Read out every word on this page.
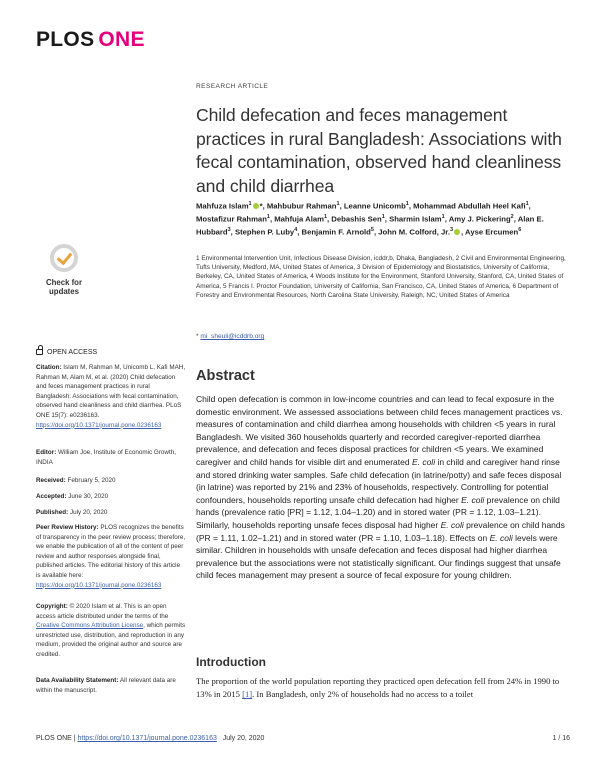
PLOS ONE
Check for
updates
RESEARCH ARTICLE
Child defecation and feces management practices in rural Bangladesh: Associations with fecal contamination, observed hand cleanliness and child diarrhea
Mahfuza Islam$^1$ *, Mahbubur Rahman$^1$, Leanne Unicomb$^1$, Mohammad Abdullah Heel Kafi$^1$, Mostafizur Rahman$^1$, Mahfuja Alam$^1$, Debashis Sen$^1$, Sharmin Islam$^1$, Amy J. Pickering$^2$, Alan E. Hubbard$^3$, Stephen P. Luby$^4$, Benjamin F. Arnold$^5$, John M. Colford, Jr.$^3$ , Ayse Ercumen$^6$
1 Environmental Intervention Unit, Infectious Disease Division, icddr,b, Dhaka, Bangladesh, 2 Civil and Environmental Engineering, Tufts University, Medford, MA, United States of America, 3 Division of Epidemiology and Biostatistics, University of California, Berkeley, CA, United States of America, 4 Woods Institute for the Environment, Stanford University, Stanford, CA, United States of America, 5 Francis I. Proctor Foundation, University of California, San Francisco, CA, United States of America, 6 Department of Forestry and Environmental Resources, North Carolina State University, Raleigh, NC, United States of America
* mi_sheuli@icddrb.org
OPEN ACCESS
Citation: Islam M, Rahman M, Unicomb L, Kafi MAH, Rahman M, Alam M, et al. (2020) Child defecation and feces management practices in rural Bangladesh: Associations with fecal contamination, observed hand cleanliness and child diarrhea. PLoS ONE 15(7): e0236163. https://doi.org/10.1371/journal.pone.0236163
Editor: William Joe, Institute of Economic Growth, INDIA
Received: February 5, 2020
Accepted: June 30, 2020
Published: July 20, 2020
Peer Review History: PLOS recognizes the benefits of transparency in the peer review process; therefore, we enable the publication of all of the content of peer review and author responses alongside final, published articles. The editorial history of this article is available here: https://doi.org/10.1371/journal.pone.0236163
Copyright: © 2020 Islam et al. This is an open access article distributed under the terms of the Creative Commons Attribution License, which permits unrestricted use, distribution, and reproduction in any medium, provided the original author and source are credited.
Data Availability Statement: All relevant data are within the manuscript.
Abstract

Child open defecation is common in low-income countries and can lead to fecal exposure in the domestic environment. We assessed associations between child feces management practices vs. measures of contamination and child diarrhea among households with children <5 years in rural Bangladesh. We visited 360 households quarterly and recorded caregiver-reported diarrhea prevalence, and defecation and feces disposal practices for children <5 years. We examined caregiver and child hands for visible dirt and enumerated E. coli in child and caregiver hand rinse and stored drinking water samples. Safe child defecation (in latrine/potty) and safe feces disposal (in latrine) was reported by 21% and 23% of households, respectively. Controlling for potential confounders, households reporting unsafe child defecation had higher E. coli prevalence on child hands (prevalence ratio [PR] = 1.12, 1.04–1.20) and in stored water (PR = 1.12, 1.03–1.21). Similarly, households reporting unsafe feces disposal had higher E. coli prevalence on child hands (PR = 1.11, 1.02–1.21) and in stored water (PR = 1.10, 1.03–1.18). Effects on E. coli levels were similar. Children in households with unsafe defecation and feces disposal had higher diarrhea prevalence but the associations were not statistically significant. Our findings suggest that unsafe child feces management may present a source of fecal exposure for young children.

Introduction

The proportion of the world population reporting they practiced open defecation fell from 24% in 1990 to 13% in 2015 [1]. In Bangladesh, only 2% of households had no access to a toilet

PLOS ONE | https://doi.org/10.1371/journal.pone.0236163 July 20, 2020	1 / 16
